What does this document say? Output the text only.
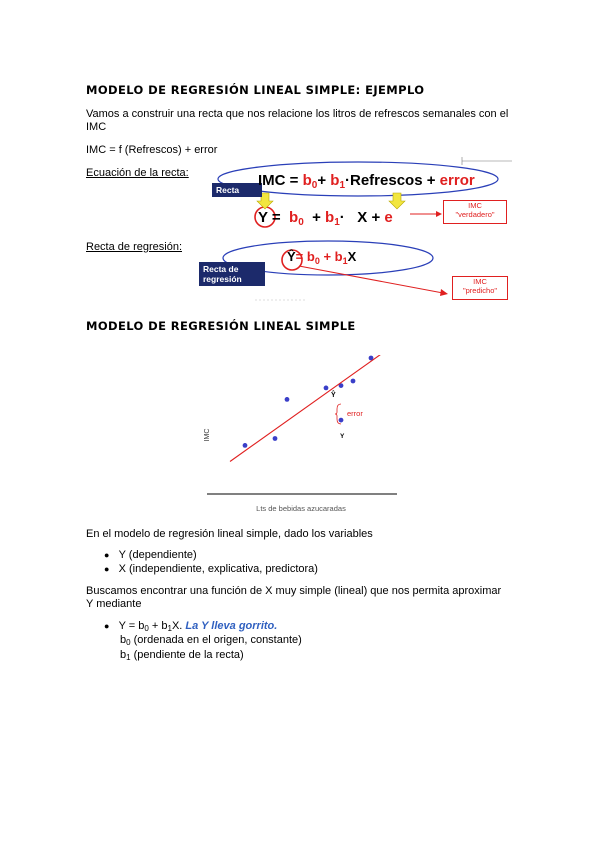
MODELO DE REGRESIÓN LINEAL SIMPLE: EJEMPLO
Vamos a construir una recta que nos relacione los litros de refrescos semanales con el
IMC
IMC = f (Refrescos) + error
Ecuación de la recta:
Recta de regresión:
Recta
IMC = $b_0+$ $b_1\cdot Refrescos$ + error
$Y = b_0 + b_1\cdot X + e$
IMC
"verdadero"
Recta de
regresión
Ŷ= $b_0 + b_1X$
IMC
"predicho"
MODELO DE REGRESIÓN LINEAL SIMPLE
Lts de bebidas azucaradas
IMC
error
Ŷ
Y
En el modelo de regresión lineal simple, dado los variables
● Y (dependiente)
● X (independiente, explicativa, predictora)
Buscamos encontrar una función de X muy simple (lineal) que nos permita aproximar
Y mediante
● $Y = b_0 + b_1X$. La Y lleva gorrito.
$b_0$ (ordenada en el origen, constante)
$b_1$ (pendiente de la recta)
